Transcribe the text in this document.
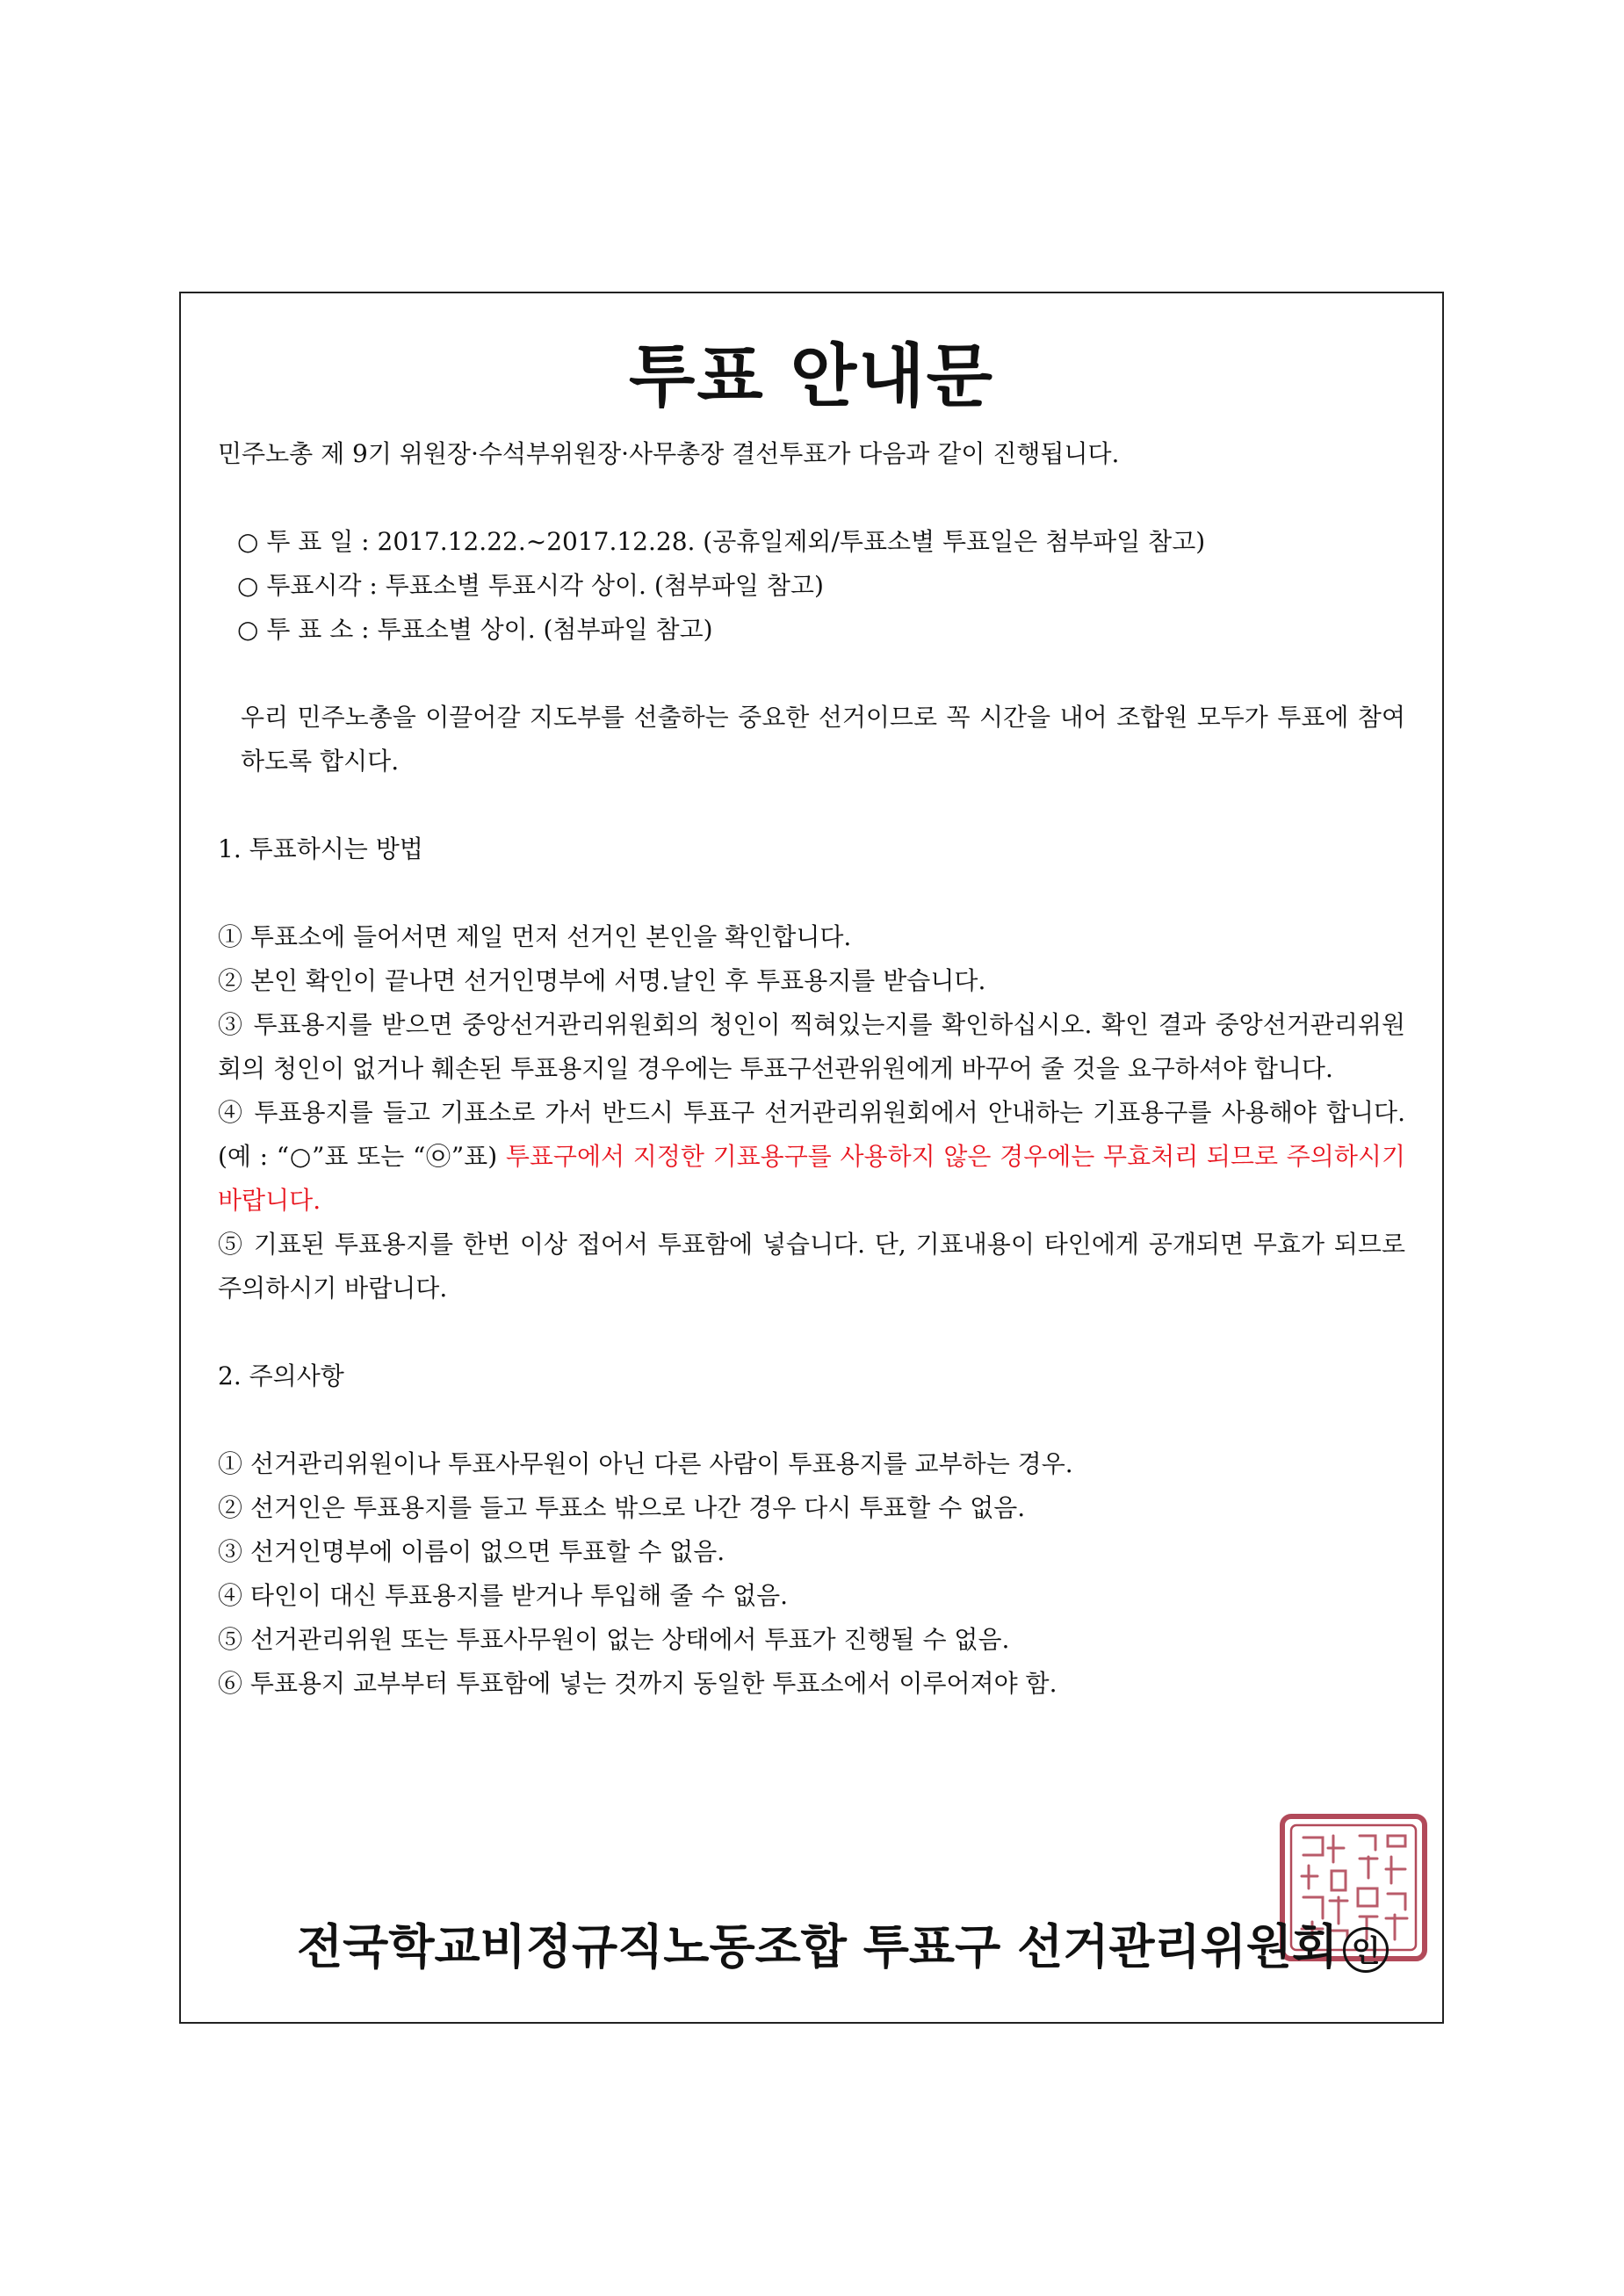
투표 안내문

민주노총 제 9기 위원장·수석부위원장·사무총장 결선투표가 다음과 같이 진행됩니다.

○ 투 표 일 : 2017.12.22.~2017.12.28. (공휴일제외/투표소별 투표일은 첨부파일 참고)

○ 투표시각 : 투표소별 투표시각 상이. (첨부파일 참고)

○ 투 표 소 : 투표소별 상이. (첨부파일 참고)

우리 민주노총을 이끌어갈 지도부를 선출하는 중요한 선거이므로 꼭 시간을 내어 조합원 모두가 투표에 참여하도록 합시다.

1. 투표하시는 방법

① 투표소에 들어서면 제일 먼저 선거인 본인을 확인합니다.

② 본인 확인이 끝나면 선거인명부에 서명.날인 후 투표용지를 받습니다.

③ 투표용지를 받으면 중앙선거관리위원회의 청인이 찍혀있는지를 확인하십시오. 확인 결과 중앙선거관리위원회의 청인이 없거나 훼손된 투표용지일 경우에는 투표구선관위원에게 바꾸어 줄 것을 요구하셔야 합니다.

④ 투표용지를 들고 기표소로 가서 반드시 투표구 선거관리위원회에서 안내하는 기표용구를 사용해야 합니다. (예 : “○”표 또는 “㉧”표) 투표구에서 지정한 기표용구를 사용하지 않은 경우에는 무효처리 되므로 주의하시기 바랍니다.

⑤ 기표된 투표용지를 한번 이상 접어서 투표함에 넣습니다. 단, 기표내용이 타인에게 공개되면 무효가 되므로 주의하시기 바랍니다.

2. 주의사항

① 선거관리위원이나 투표사무원이 아닌 다른 사람이 투표용지를 교부하는 경우.

② 선거인은 투표용지를 들고 투표소 밖으로 나간 경우 다시 투표할 수 없음.

③ 선거인명부에 이름이 없으면 투표할 수 없음.

④ 타인이 대신 투표용지를 받거나 투입해 줄 수 없음.

⑤ 선거관리위원 또는 투표사무원이 없는 상태에서 투표가 진행될 수 없음.

⑥ 투표용지 교부부터 투표함에 넣는 것까지 동일한 투표소에서 이루어져야 함.

전국학교비정규직노동조합 투표구 선거관리위원회 인
